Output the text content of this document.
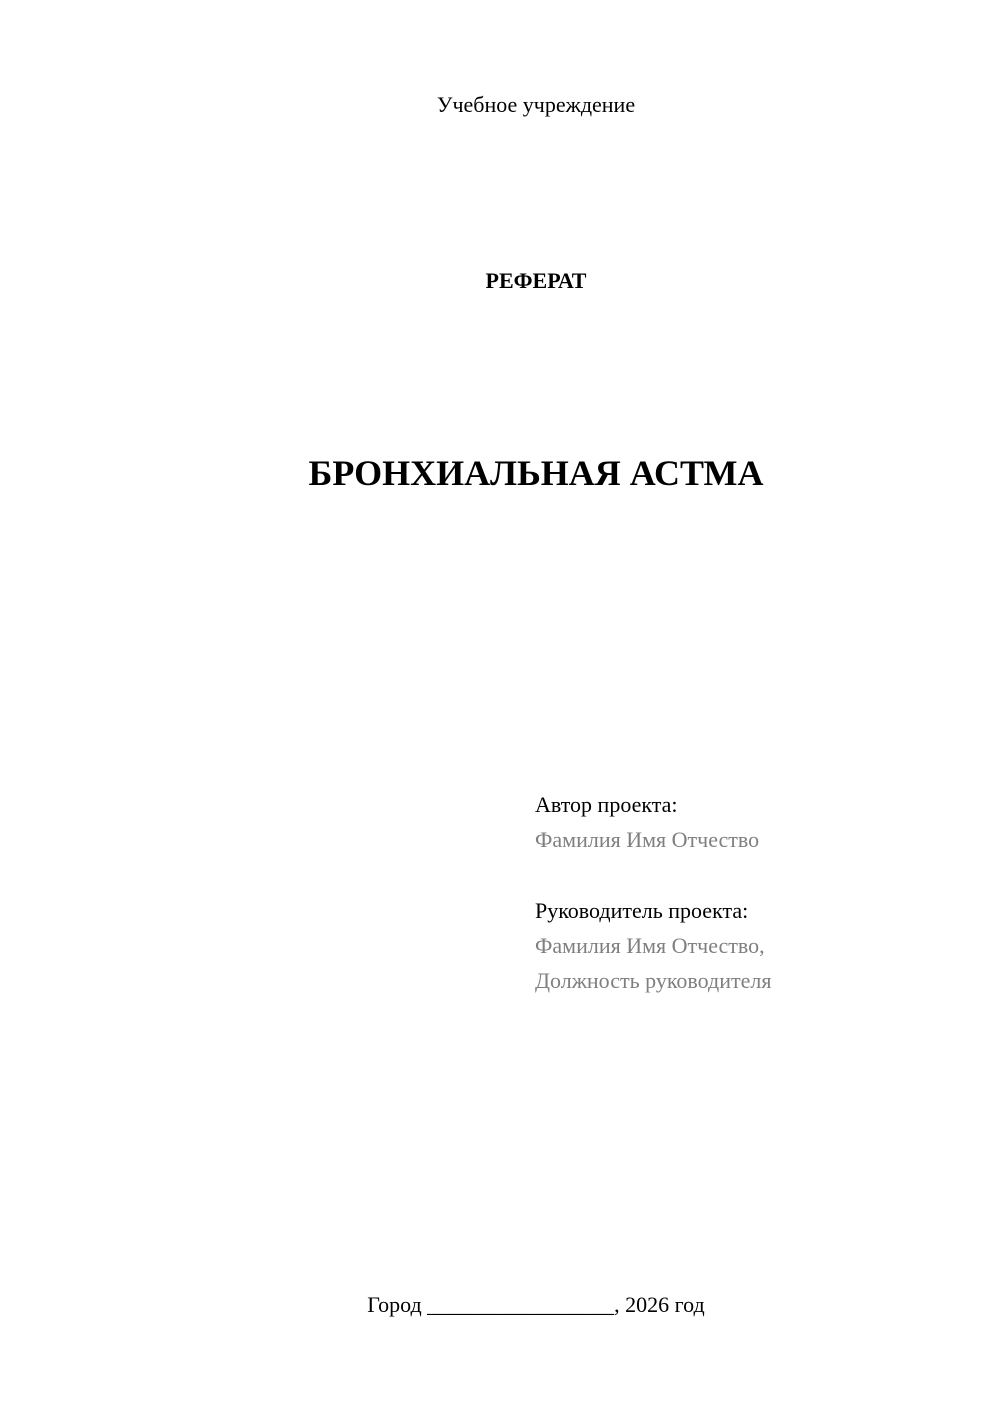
Учебное учреждение
РЕФЕРАТ
БРОНХИАЛЬНАЯ АСТМА
Автор проекта:
Фамилия Имя Отчество
Руководитель проекта:
Фамилия Имя Отчество,
Должность руководителя
Город _________________, 2026 год
